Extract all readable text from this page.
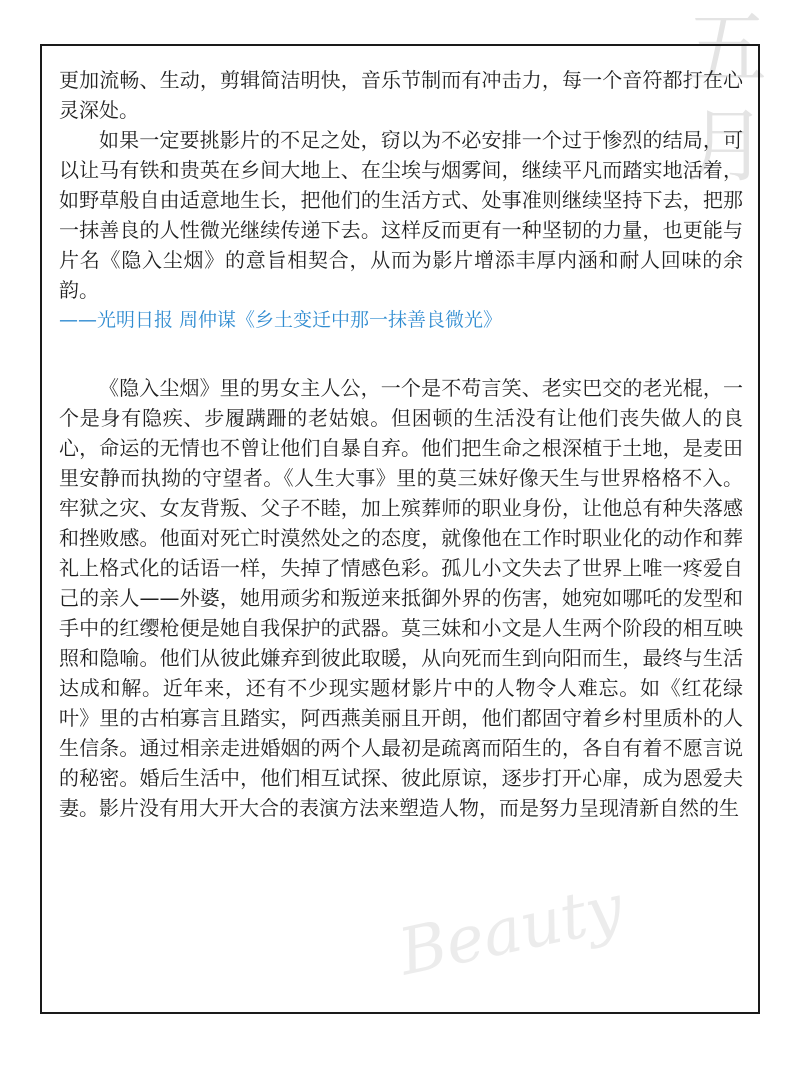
五
月
Beauty

更加流畅、生动，剪辑简洁明快，音乐节制而有冲击力，每一个音符都打在心灵深处。

如果一定要挑影片的不足之处，窃以为不必安排一个过于惨烈的结局，可以让马有铁和贵英在乡间大地上、在尘埃与烟雾间，继续平凡而踏实地活着，如野草般自由适意地生长，把他们的生活方式、处事准则继续坚持下去，把那一抹善良的人性微光继续传递下去。这样反而更有一种坚韧的力量，也更能与片名《隐入尘烟》的意旨相契合，从而为影片增添丰厚内涵和耐人回味的余韵。

——光明日报 周仲谋《乡土变迁中那一抹善良微光》

《隐入尘烟》里的男女主人公，一个是不苟言笑、老实巴交的老光棍，一个是身有隐疾、步履蹒跚的老姑娘。但困顿的生活没有让他们丧失做人的良心，命运的无情也不曾让他们自暴自弃。他们把生命之根深植于土地，是麦田里安静而执拗的守望者。《人生大事》里的莫三妹好像天生与世界格格不入。牢狱之灾、女友背叛、父子不睦，加上殡葬师的职业身份，让他总有种失落感和挫败感。他面对死亡时漠然处之的态度，就像他在工作时职业化的动作和葬礼上格式化的话语一样，失掉了情感色彩。孤儿小文失去了世界上唯一疼爱自己的亲人——外婆，她用顽劣和叛逆来抵御外界的伤害，她宛如哪吒的发型和手中的红缨枪便是她自我保护的武器。莫三妹和小文是人生两个阶段的相互映照和隐喻。他们从彼此嫌弃到彼此取暖，从向死而生到向阳而生，最终与生活达成和解。近年来，还有不少现实题材影片中的人物令人难忘。如《红花绿叶》里的古柏寡言且踏实，阿西燕美丽且开朗，他们都固守着乡村里质朴的人生信条。通过相亲走进婚姻的两个人最初是疏离而陌生的，各自有着不愿言说的秘密。婚后生活中，他们相互试探、彼此原谅，逐步打开心扉，成为恩爱夫妻。影片没有用大开大合的表演方法来塑造人物，而是努力呈现清新自然的生
